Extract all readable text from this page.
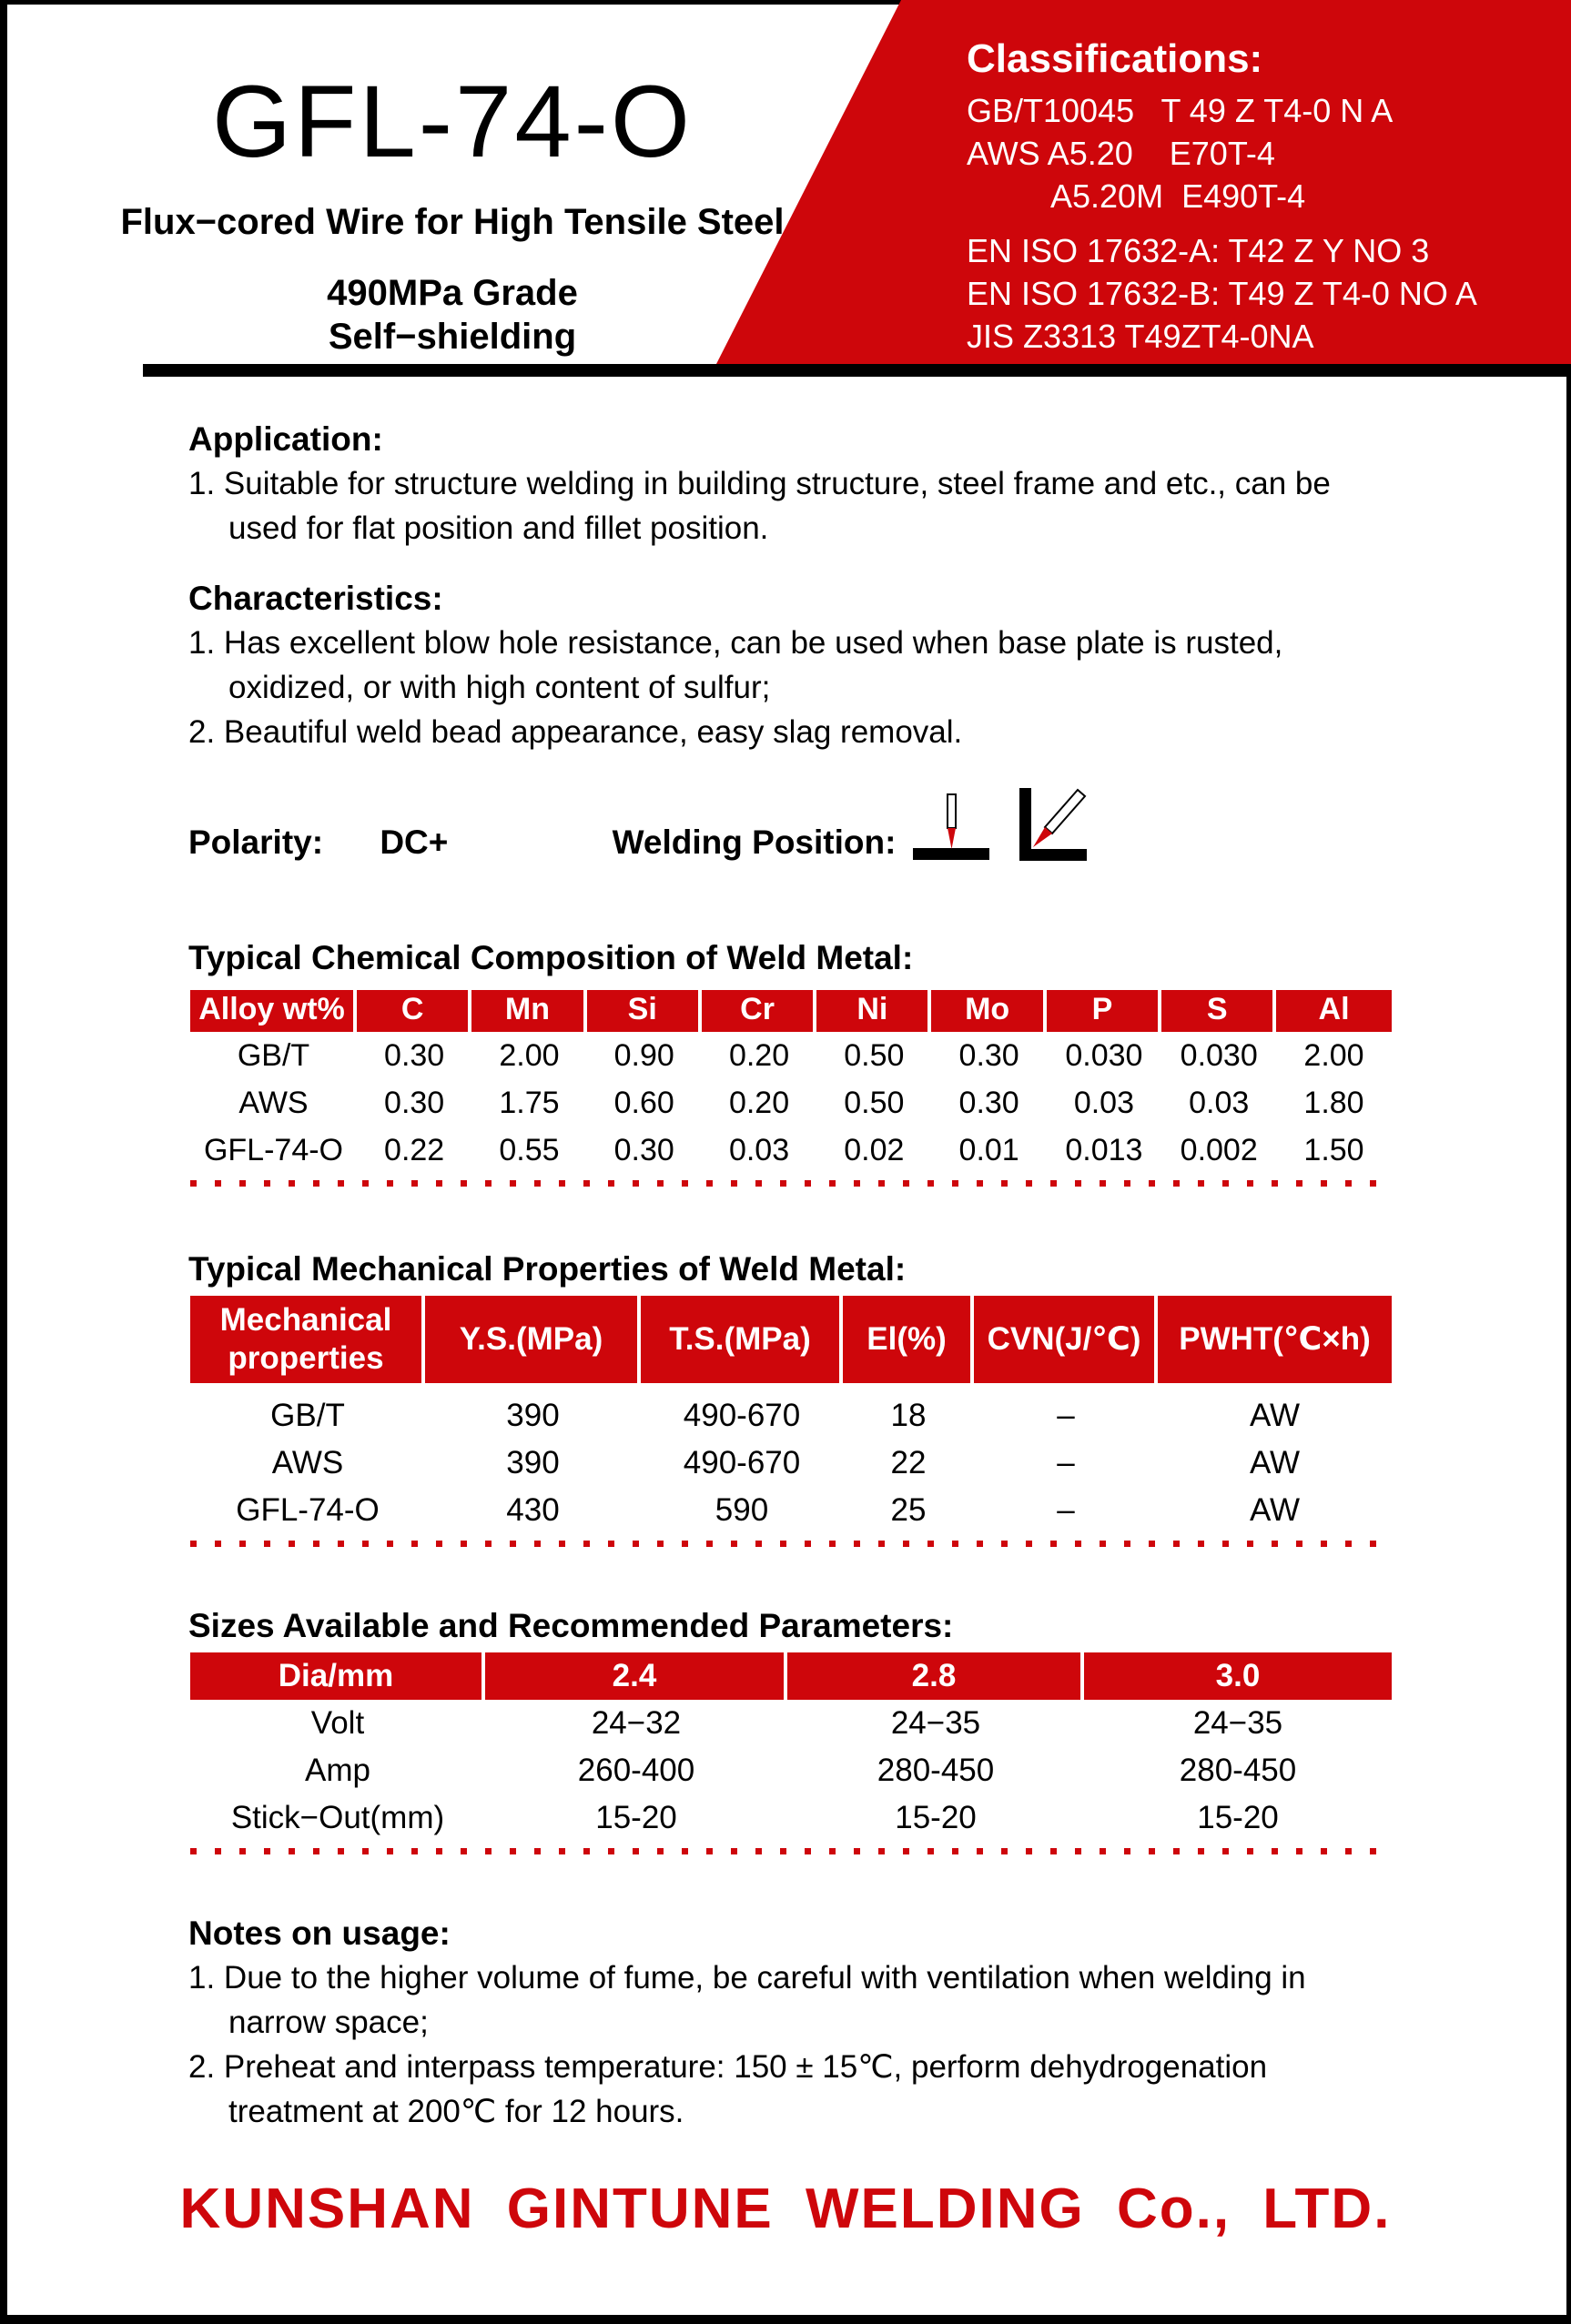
Classifications:
GB/T10045   T 49 Z T4-0 N A
AWS A5.20    E70T-4
A5.20M  E490T-4
EN ISO 17632-A: T42 Z Y NO 3
EN ISO 17632-B: T49 Z T4-0 NO A
JIS Z3313 T49ZT4-0NA
GFL-74-O
Flux−cored Wire for High Tensile Steel
490MPa Grade
Self−shielding
Application:
1. Suitable for structure welding in building structure, steel frame and etc., can be
used for flat position and fillet position.
Characteristics:
1. Has excellent blow hole resistance, can be used when base plate is rusted,
oxidized, or with high content of sulfur;
2. Beautiful weld bead appearance, easy slag removal.
Polarity: DC+	Welding Position:
Typical Chemical Composition of Weld Metal:
Alloy wt%	C	Mn	Si	Cr	Ni	Mo	P	S	Al
GB/T	0.30	2.00	0.90	0.20	0.50	0.30	0.030	0.030	2.00
AWS	0.30	1.75	0.60	0.20	0.50	0.30	0.03	0.03	1.80
GFL-74-O	0.22	0.55	0.30	0.03	0.02	0.01	0.013	0.002	1.50
Typical Mechanical Properties of Weld Metal:
Mechanical properties
Y.S.(MPa)	T.S.(MPa)	El(%)	CVN(J/℃)	PWHT(℃×h)
GB/T	390	490-670	18	–	AW
AWS	390	490-670	22	–	AW
GFL-74-O	430	590	25	–	AW
Sizes Available and Recommended Parameters:
Dia/mm	2.4	2.8	3.0
Volt	24−32	24−35	24−35
Amp	260-400	280-450	280-450
Stick−Out(mm)	15-20	15-20	15-20
Notes on usage:
1. Due to the higher volume of fume, be careful with ventilation when welding in
narrow space;
2. Preheat and interpass temperature: 150 ± 15℃, perform dehydrogenation
treatment at 200℃ for 12 hours.
KUNSHAN GINTUNE WELDING Co., LTD.
